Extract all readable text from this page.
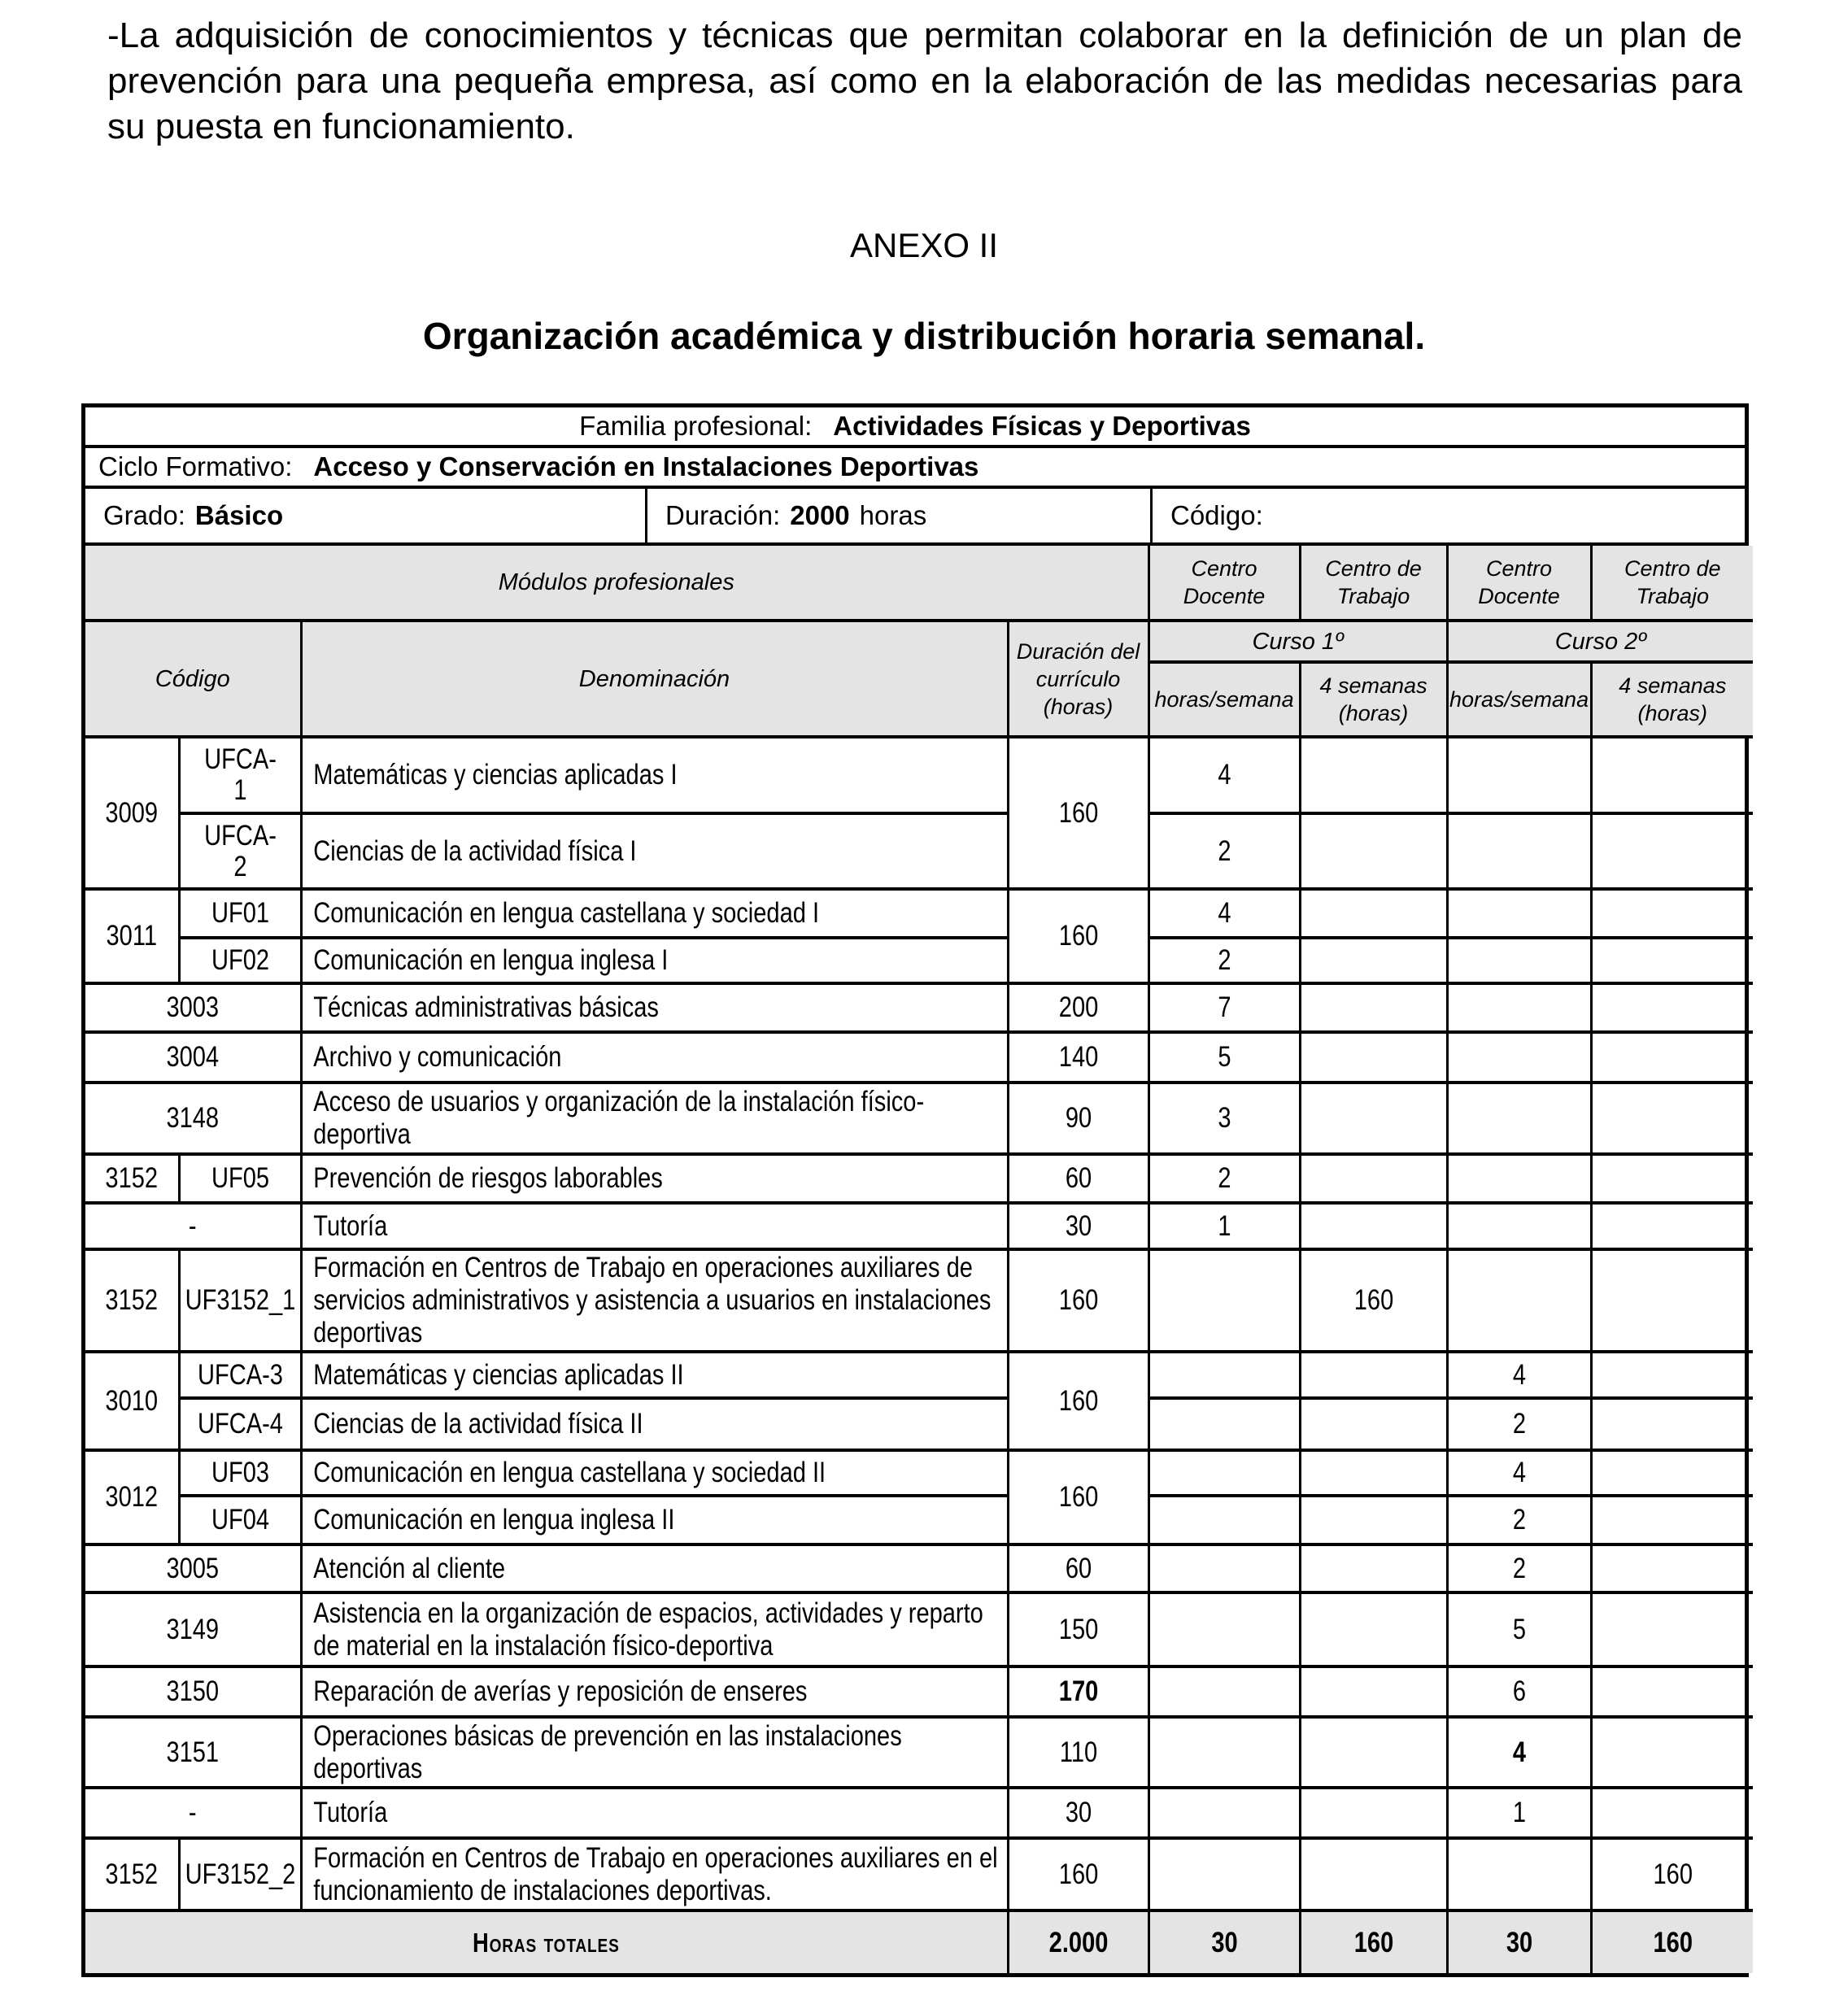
-La adquisición de conocimientos y técnicas que permitan colaborar en la definición de un plan de prevención para una pequeña empresa, así como en la elaboración de las medidas necesarias para su puesta en funcionamiento.

ANEXO II
Organización académica y distribución horaria semanal.
Familia profesional: Actividades Físicas y Deportivas
Ciclo Formativo: Acceso y Conservación en Instalaciones Deportivas
Grado: Básico	Duración: 2000 horas	Código:
Módulos profesionales				Centro Docente	Centro de Trabajo	Centro Docente	Centro de Trabajo
Código		Denominación	Duración del currículo (horas)	Curso 1º		Curso 2º	
				horas/semana	4 semanas (horas)	horas/semana	4 semanas (horas)

3009	UFCA-1	Matemáticas y ciencias aplicadas I	160	4			

	UFCA-2	Ciencias de la actividad física I		2			

3011	UF01	Comunicación en lengua castellana y sociedad I	160	4			

	UF02	Comunicación en lengua inglesa I		2			

3003		Técnicas administrativas básicas	200	7			

3004		Archivo y comunicación	140	5			

3148		Acceso de usuarios y organización de la instalación físico-deportiva	90	3			

3152	UF05	Prevención de riesgos laborables	60	2			

-		Tutoría	30	1			

3152	UF3152_1	Formación en Centros de Trabajo en operaciones auxiliares de servicios administrativos y asistencia a usuarios en instalaciones deportivas	160		160		

3010	UFCA-3	Matemáticas y ciencias aplicadas II	160			4	

	UFCA-4	Ciencias de la actividad física II				2	

3012	UF03	Comunicación en lengua castellana y sociedad II	160			4	

	UF04	Comunicación en lengua inglesa II				2	

3005		Atención al cliente	60			2	

3149		Asistencia en la organización de espacios, actividades y reparto de material en la instalación físico-deportiva	150			5	

3150		Reparación de averías y reposición de enseres	170			6	

3151		Operaciones básicas de prevención en las instalaciones deportivas	110			4	

-		Tutoría	30			1	

3152	UF3152_2	Formación en Centros de Trabajo en operaciones auxiliares en el funcionamiento de instalaciones deportivas.	160				160

Horas totales			2.000	30	160	30	160
